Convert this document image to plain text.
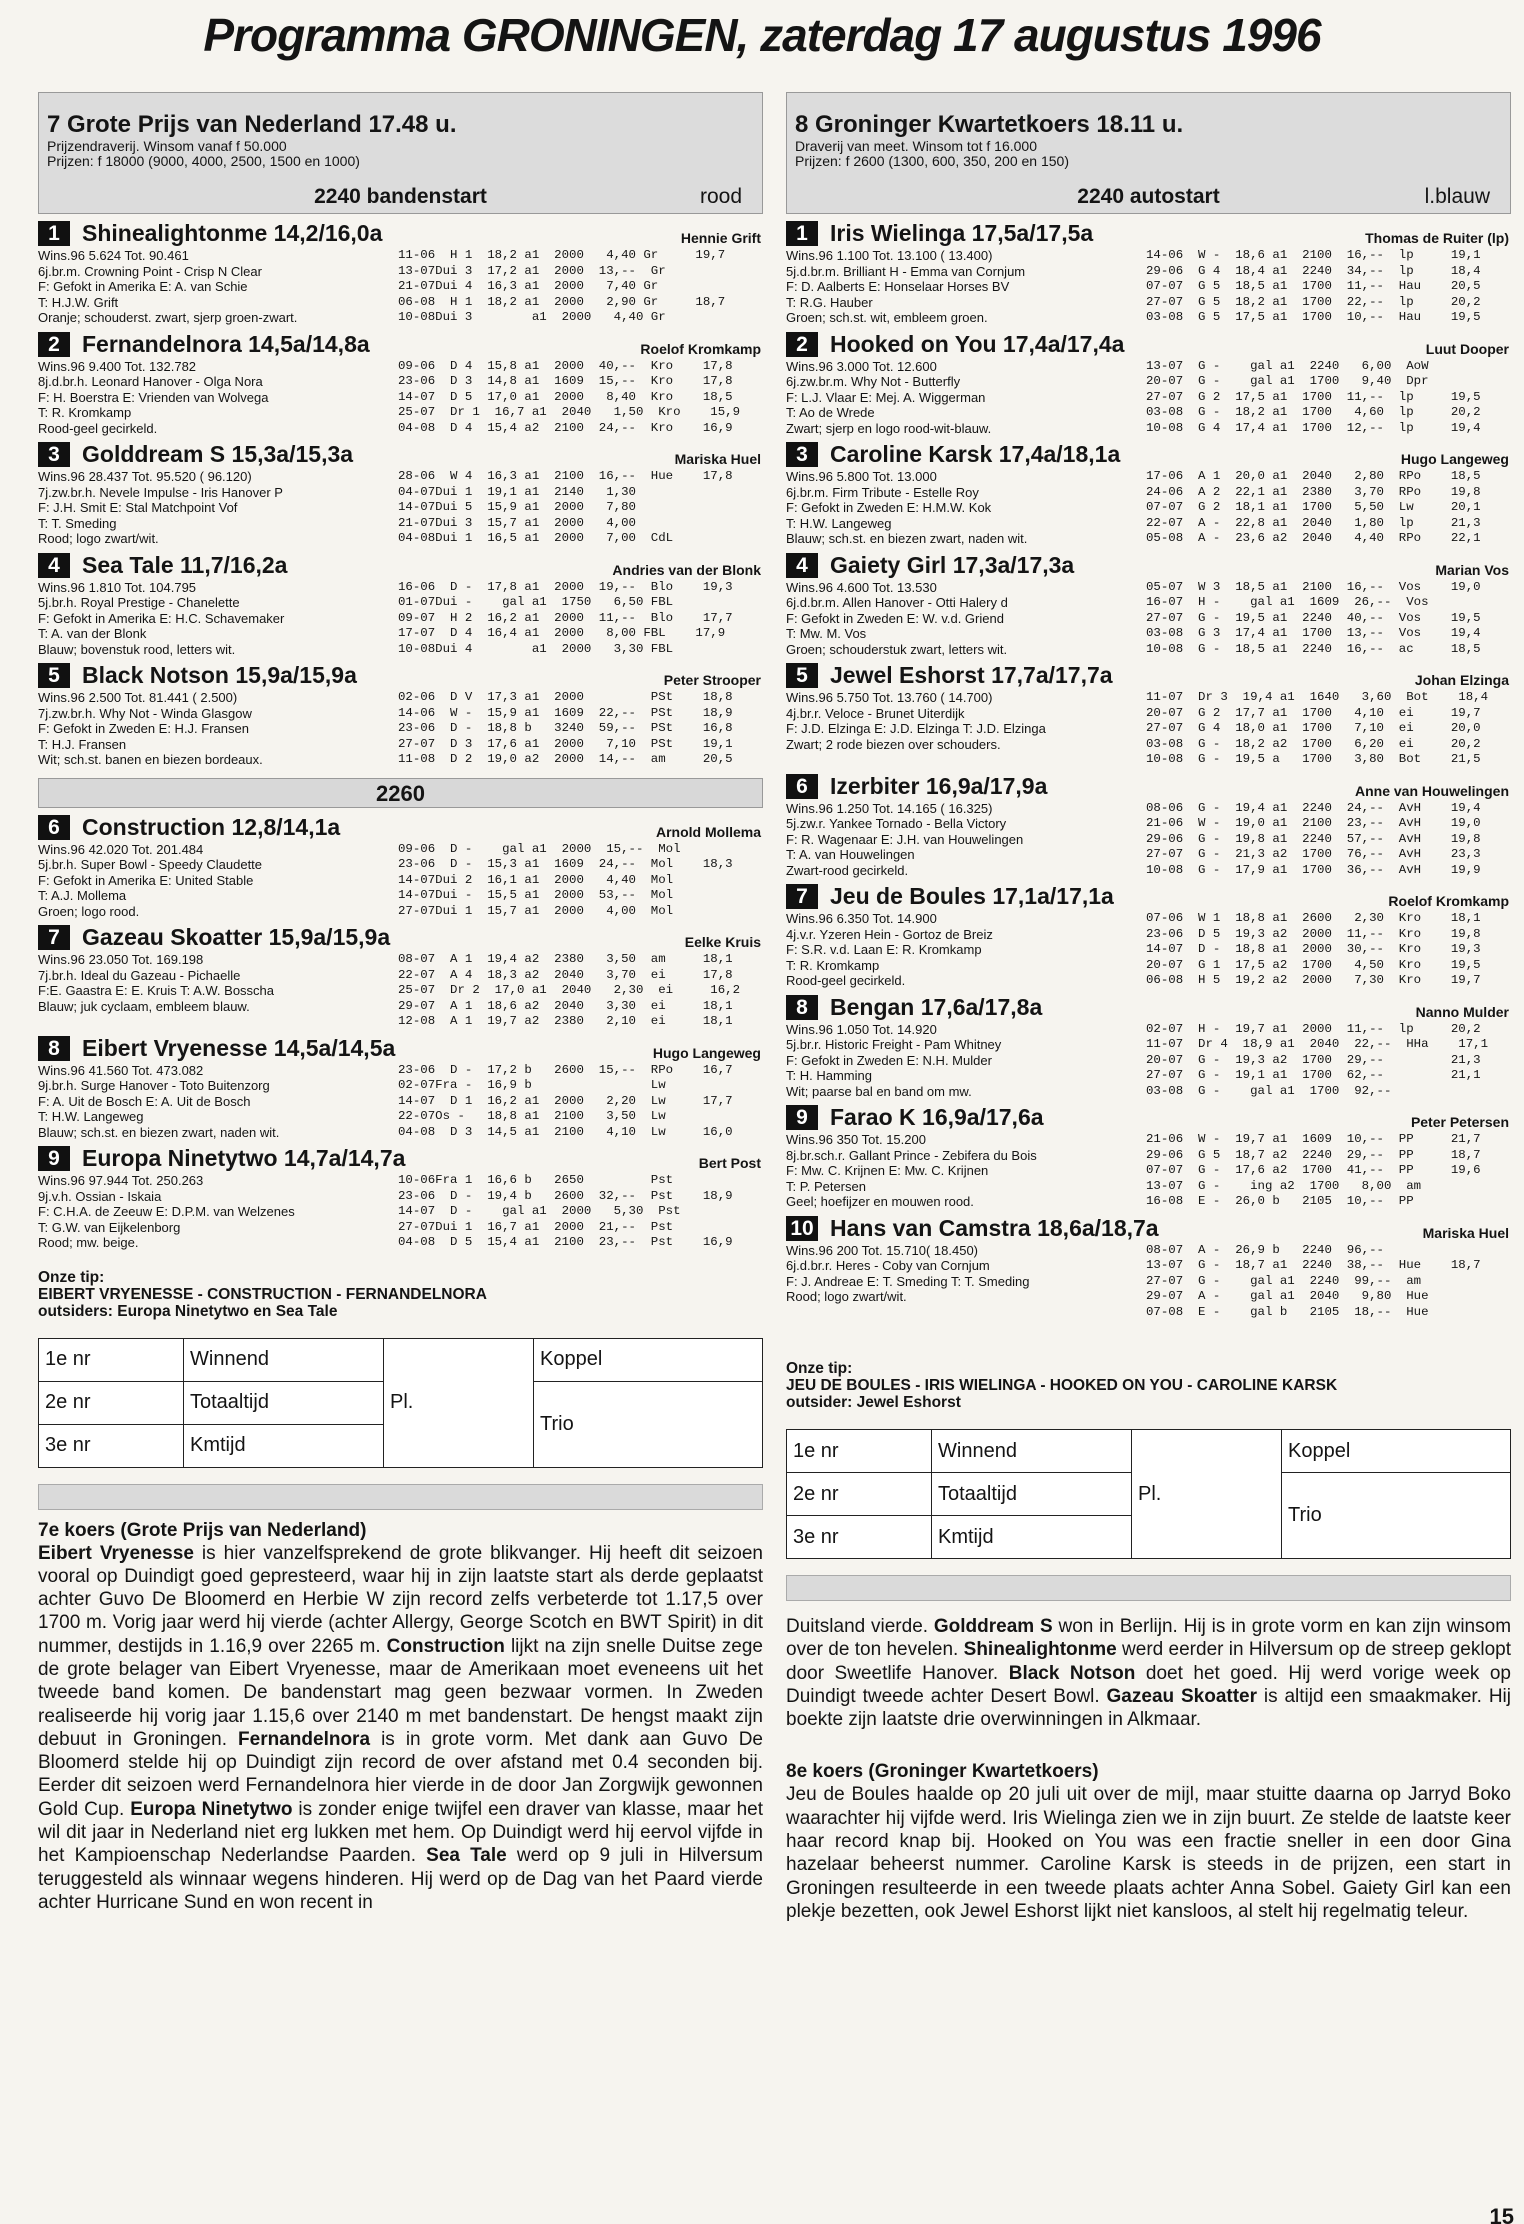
Programma GRONINGEN, zaterdag 17 augustus 1996
7 Grote Prijs van Nederland 17.48 u.
Prijzendraverij. Winsom vanaf f 50.000
Prijzen: f 18000 (9000, 4000, 2500, 1500 en 1000)
2240 bandenstart	rood
1 Shinealightonme 14,2/16,0a	Hennie Grift
Wins.96 5.624 Tot. 90.461
6j.br.m. Crowning Point - Crisp N Clear
F: Gefokt in Amerika E: A. van Schie
T: H.J.W. Grift
Oranje; schouderst. zwart, sjerp groen-zwart.
11-06  H 1  18,2 a1  2000   4,40 Gr     19,7
13-07Dui 3  17,2 a1  2000  13,--  Gr
21-07Dui 4  16,3 a1  2000   7,40 Gr
06-08  H 1  18,2 a1  2000   2,90 Gr     18,7
10-08Dui 3        a1  2000   4,40 Gr
2 Fernandelnora 14,5a/14,8a	Roelof Kromkamp
Wins.96 9.400 Tot. 132.782
8j.d.br.h. Leonard Hanover - Olga Nora
F: H. Boerstra E: Vrienden van Wolvega
T: R. Kromkamp
Rood-geel gecirkeld.
09-06  D 4  15,8 a1  2000  40,--  Kro    17,8
23-06  D 3  14,8 a1  1609  15,--  Kro    17,8
14-07  D 5  17,0 a1  2000   8,40  Kro    18,5
25-07  Dr 1  16,7 a1  2040   1,50  Kro    15,9
04-08  D 4  15,4 a2  2100  24,--  Kro    16,9
3 Golddream S 15,3a/15,3a	Mariska Huel
Wins.96 28.437 Tot. 95.520 ( 96.120)
7j.zw.br.h. Nevele Impulse - Iris Hanover P
F: J.H. Smit E: Stal Matchpoint Vof
T: T. Smeding
Rood; logo zwart/wit.
28-06  W 4  16,3 a1  2100  16,--  Hue    17,8
04-07Dui 1  19,1 a1  2140   1,30
14-07Dui 5  15,9 a1  2000   7,80
21-07Dui 3  15,7 a1  2000   4,00
04-08Dui 1  16,5 a1  2000   7,00  CdL
4 Sea Tale 11,7/16,2a	Andries van der Blonk
Wins.96 1.810 Tot. 104.795
5j.br.h. Royal Prestige - Chanelette
F: Gefokt in Amerika E: H.C. Schavemaker
T: A. van der Blonk
Blauw; bovenstuk rood, letters wit.
16-06  D -  17,8 a1  2000  19,--  Blo    19,3
01-07Dui -    gal a1  1750   6,50 FBL
09-07  H 2  16,2 a1  2000  11,--  Blo    17,7
17-07  D 4  16,4 a1  2000   8,00 FBL    17,9
10-08Dui 4        a1  2000   3,30 FBL
5 Black Notson 15,9a/15,9a	Peter Strooper
Wins.96 2.500 Tot. 81.441 ( 2.500)
7j.zw.br.h. Why Not - Winda Glasgow
F: Gefokt in Zweden E: H.J. Fransen
T: H.J. Fransen
Wit; sch.st. banen en biezen bordeaux.
02-06  D V  17,3 a1  2000         PSt    18,8
14-06  W -  15,9 a1  1609  22,--  PSt    18,9
23-06  D -  18,8 b   3240  59,--  PSt    16,8
27-07  D 3  17,6 a1  2000   7,10  PSt    19,1
11-08  D 2  19,0 a2  2000  14,--  am     20,5
2260
6 Construction 12,8/14,1a	Arnold Mollema
Wins.96 42.020 Tot. 201.484
5j.br.h. Super Bowl - Speedy Claudette
F: Gefokt in Amerika E: United Stable
T: A.J. Mollema
Groen; logo rood.
09-06  D -    gal a1  2000  15,--  Mol
23-06  D -  15,3 a1  1609  24,--  Mol    18,3
14-07Dui 2  16,1 a1  2000   4,40  Mol
14-07Dui -  15,5 a1  2000  53,--  Mol
27-07Dui 1  15,7 a1  2000   4,00  Mol
7 Gazeau Skoatter 15,9a/15,9a	Eelke Kruis
Wins.96 23.050 Tot. 169.198
7j.br.h. Ideal du Gazeau - Pichaelle
F:E. Gaastra E: E. Kruis T: A.W. Bosscha
Blauw; juk cyclaam, embleem blauw.
08-07  A 1  19,4 a2  2380   3,50  am     18,1
22-07  A 4  18,3 a2  2040   3,70  ei     17,8
25-07  Dr 2  17,0 a1  2040   2,30  ei     16,2
29-07  A 1  18,6 a2  2040   3,30  ei     18,1
12-08  A 1  19,7 a2  2380   2,10  ei     18,1
8 Eibert Vryenesse 14,5a/14,5a	Hugo Langeweg
Wins.96 41.560 Tot. 473.082
9j.br.h. Surge Hanover - Toto Buitenzorg
F: A. Uit de Bosch E: A. Uit de Bosch
T: H.W. Langeweg
Blauw; sch.st. en biezen zwart, naden wit.
23-06  D -  17,2 b   2600  15,--  RPo    16,7
02-07Fra -  16,9 b                Lw
14-07  D 1  16,2 a1  2000   2,20  Lw     17,7
22-07Os -   18,8 a1  2100   3,50  Lw
04-08  D 3  14,5 a1  2100   4,10  Lw     16,0
9 Europa Ninetytwo 14,7a/14,7a	Bert Post
Wins.96 97.944 Tot. 250.263
9j.v.h. Ossian - Iskaia
F: C.H.A. de Zeeuw E: D.P.M. van Welzenes
T: G.W. van Eijkelenborg
Rood; mw. beige.
10-06Fra 1  16,6 b   2650         Pst
23-06  D -  19,4 b   2600  32,--  Pst    18,9
14-07  D -    gal a1  2000   5,30  Pst
27-07Dui 1  16,7 a1  2000  21,--  Pst
04-08  D 5  15,4 a1  2100  23,--  Pst    16,9
Onze tip:
EIBERT VRYENESSE - CONSTRUCTION - FERNANDELNORA
outsiders: Europa Ninetytwo en Sea Tale
1e nr	Winnend	Pl.	Koppel
2e nr	Totaaltijd		Trio
3e nr	Kmtijd		
7e koers (Grote Prijs van Nederland)
Eibert Vryenesse is hier vanzelfsprekend de grote blikvanger. Hij heeft dit seizoen vooral op Duindigt goed gepresteerd, waar hij in zijn laatste start als derde geplaatst achter Guvo De Bloomerd en Herbie W zijn record zelfs verbeterde tot 1.17,5 over 1700 m. Vorig jaar werd hij vierde (achter Allergy, George Scotch en BWT Spirit) in dit nummer, destijds in 1.16,9 over 2265 m. Construction lijkt na zijn snelle Duitse zege de grote belager van Eibert Vryenesse, maar de Amerikaan moet eveneens uit het tweede band komen. De bandenstart mag geen bezwaar vormen. In Zweden realiseerde hij vorig jaar 1.15,6 over 2140 m met bandenstart. De hengst maakt zijn debuut in Groningen. Fernandelnora is in grote vorm. Met dank aan Guvo De Bloomerd stelde hij op Duindigt zijn record de over afstand met 0.4 seconden bij. Eerder dit seizoen werd Fernandelnora hier vierde in de door Jan Zorgwijk gewonnen Gold Cup. Europa Ninetytwo is zonder enige twijfel een draver van klasse, maar het wil dit jaar in Nederland niet erg lukken met hem. Op Duindigt werd hij eervol vijfde in het Kampioenschap Nederlandse Paarden. Sea Tale werd op 9 juli in Hilversum teruggesteld als winnaar wegens hinderen. Hij werd op de Dag van het Paard vierde achter Hurricane Sund en won recent in
8 Groninger Kwartetkoers 18.11 u.
Draverij van meet. Winsom tot f 16.000
Prijzen: f 2600 (1300, 600, 350, 200 en 150)
2240 autostart	l.blauw
1 Iris Wielinga 17,5a/17,5a	Thomas de Ruiter (lp)
Wins.96 1.100 Tot. 13.100 ( 13.400)
5j.d.br.m. Brilliant H - Emma van Cornjum
F: D. Aalberts E: Honselaar Horses BV
T: R.G. Hauber
Groen; sch.st. wit, embleem groen.
14-06  W -  18,6 a1  2100  16,--  lp     19,1
29-06  G 4  18,4 a1  2240  34,--  lp     18,4
07-07  G 5  18,5 a1  1700  11,--  Hau    20,5
27-07  G 5  18,2 a1  1700  22,--  lp     20,2
03-08  G 5  17,5 a1  1700  10,--  Hau    19,5
2 Hooked on You 17,4a/17,4a	Luut Dooper
Wins.96 3.000 Tot. 12.600
6j.zw.br.m. Why Not - Butterfly
F: L.J. Vlaar E: Mej. A. Wiggerman
T: Ao de Wrede
Zwart; sjerp en logo rood-wit-blauw.
13-07  G -    gal a1  2240   6,00  AoW
20-07  G -    gal a1  1700   9,40  Dpr
27-07  G 2  17,5 a1  1700  11,--  lp     19,5
03-08  G -  18,2 a1  1700   4,60  lp     20,2
10-08  G 4  17,4 a1  1700  12,--  lp     19,4
3 Caroline Karsk 17,4a/18,1a	Hugo Langeweg
Wins.96 5.800 Tot. 13.000
6j.br.m. Firm Tribute - Estelle Roy
F: Gefokt in Zweden E: H.M.W. Kok
T: H.W. Langeweg
Blauw; sch.st. en biezen zwart, naden wit.
17-06  A 1  20,0 a1  2040   2,80  RPo    18,5
24-06  A 2  22,1 a1  2380   3,70  RPo    19,8
07-07  G 2  18,1 a1  1700   5,50  Lw     20,1
22-07  A -  22,8 a1  2040   1,80  lp     21,3
05-08  A -  23,6 a2  2040   4,40  RPo    22,1
4 Gaiety Girl 17,3a/17,3a	Marian Vos
Wins.96 4.600 Tot. 13.530
6j.d.br.m. Allen Hanover - Otti Halery d
F: Gefokt in Zweden E: W. v.d. Griend
T: Mw. M. Vos
Groen; schouderstuk zwart, letters wit.
05-07  W 3  18,5 a1  2100  16,--  Vos    19,0
16-07  H -    gal a1  1609  26,--  Vos
27-07  G -  19,5 a1  2240  40,--  Vos    19,5
03-08  G 3  17,4 a1  1700  13,--  Vos    19,4
10-08  G -  18,5 a1  2240  16,--  ac     18,5
5 Jewel Eshorst 17,7a/17,7a	Johan Elzinga
Wins.96 5.750 Tot. 13.760 ( 14.700)
4j.br.r. Veloce - Brunet Uiterdijk
F: J.D. Elzinga E: J.D. Elzinga T: J.D. Elzinga
Zwart; 2 rode biezen over schouders.
11-07  Dr 3  19,4 a1  1640   3,60  Bot    18,4
20-07  G 2  17,7 a1  1700   4,10  ei     19,7
27-07  G 4  18,0 a1  1700   7,10  ei     20,0
03-08  G -  18,2 a2  1700   6,20  ei     20,2
10-08  G -  19,5 a   1700   3,80  Bot    21,5
6 Izerbiter 16,9a/17,9a	Anne van Houwelingen
Wins.96 1.250 Tot. 14.165 ( 16.325)
5j.zw.r. Yankee Tornado - Bella Victory
F: R. Wagenaar E: J.H. van Houwelingen
T: A. van Houwelingen
Zwart-rood gecirkeld.
08-06  G -  19,4 a1  2240  24,--  AvH    19,4
21-06  W -  19,0 a1  2100  23,--  AvH    19,0
29-06  G -  19,8 a1  2240  57,--  AvH    19,8
27-07  G -  21,3 a2  1700  76,--  AvH    23,3
10-08  G -  17,9 a1  1700  36,--  AvH    19,9
7 Jeu de Boules 17,1a/17,1a	Roelof Kromkamp
Wins.96 6.350 Tot. 14.900
4j.v.r. Yzeren Hein - Gortoz de Breiz
F: S.R. v.d. Laan E: R. Kromkamp
T: R. Kromkamp
Rood-geel gecirkeld.
07-06  W 1  18,8 a1  2600   2,30  Kro    18,1
23-06  D 5  19,3 a2  2000  11,--  Kro    19,8
14-07  D -  18,8 a1  2000  30,--  Kro    19,3
20-07  G 1  17,5 a2  1700   4,50  Kro    19,5
06-08  H 5  19,2 a2  2000   7,30  Kro    19,7
8 Bengan 17,6a/17,8a	Nanno Mulder
Wins.96 1.050 Tot. 14.920
5j.br.r. Historic Freight - Pam Whitney
F: Gefokt in Zweden E: N.H. Mulder
T: H. Hamming
Wit; paarse bal en band om mw.
02-07  H -  19,7 a1  2000  11,--  lp     20,2
11-07  Dr 4  18,9 a1  2040  22,--  HHa    17,1
20-07  G -  19,3 a2  1700  29,--         21,3
27-07  G -  19,1 a1  1700  62,--         21,1
03-08  G -    gal a1  1700  92,--
9 Farao K 16,9a/17,6a	Peter Petersen
Wins.96 350 Tot. 15.200
8j.br.sch.r. Gallant Prince - Zebifera du Bois
F: Mw. C. Krijnen E: Mw. C. Krijnen
T: P. Petersen
Geel; hoefijzer en mouwen rood.
21-06  W -  19,7 a1  1609  10,--  PP     21,7
29-06  G 5  18,7 a2  2240  29,--  PP     18,7
07-07  G -  17,6 a2  1700  41,--  PP     19,6
13-07  G -    ing a2  1700   8,00  am
16-08  E -  26,0 b   2105  10,--  PP
10 Hans van Camstra 18,6a/18,7a	Mariska Huel
Wins.96 200 Tot. 15.710( 18.450)
6j.d.br.r. Heres - Coby van Cornjum
F: J. Andreae E: T. Smeding T: T. Smeding
Rood; logo zwart/wit.
08-07  A -  26,9 b   2240  96,--
13-07  G -  18,7 a1  2240  38,--  Hue    18,7
27-07  G -    gal a1  2240  99,--  am
29-07  A -    gal a1  2040   9,80  Hue
07-08  E -    gal b   2105  18,--  Hue
Onze tip:
JEU DE BOULES - IRIS WIELINGA - HOOKED ON YOU - CAROLINE KARSK
outsider: Jewel Eshorst
1e nr	Winnend	Pl.	Koppel
2e nr	Totaaltijd		Trio
3e nr	Kmtijd		
Duitsland vierde. Golddream S won in Berlijn. Hij is in grote vorm en kan zijn winsom over de ton hevelen. Shinealightonme werd eerder in Hilversum op de streep geklopt door Sweetlife Hanover. Black Notson doet het goed. Hij werd vorige week op Duindigt tweede achter Desert Bowl. Gazeau Skoatter is altijd een smaakmaker. Hij boekte zijn laatste drie overwinningen in Alkmaar.
8e koers (Groninger Kwartetkoers)
Jeu de Boules haalde op 20 juli uit over de mijl, maar stuitte daarna op Jarryd Boko waarachter hij vijfde werd. Iris Wielinga zien we in zijn buurt. Ze stelde de laatste keer haar record knap bij. Hooked on You was een fractie sneller in een door Gina hazelaar beheerst nummer. Caroline Karsk is steeds in de prijzen, een start in Groningen resulteerde in een tweede plaats achter Anna Sobel. Gaiety Girl kan een plekje bezetten, ook Jewel Eshorst lijkt niet kansloos, al stelt hij regelmatig teleur.
15
